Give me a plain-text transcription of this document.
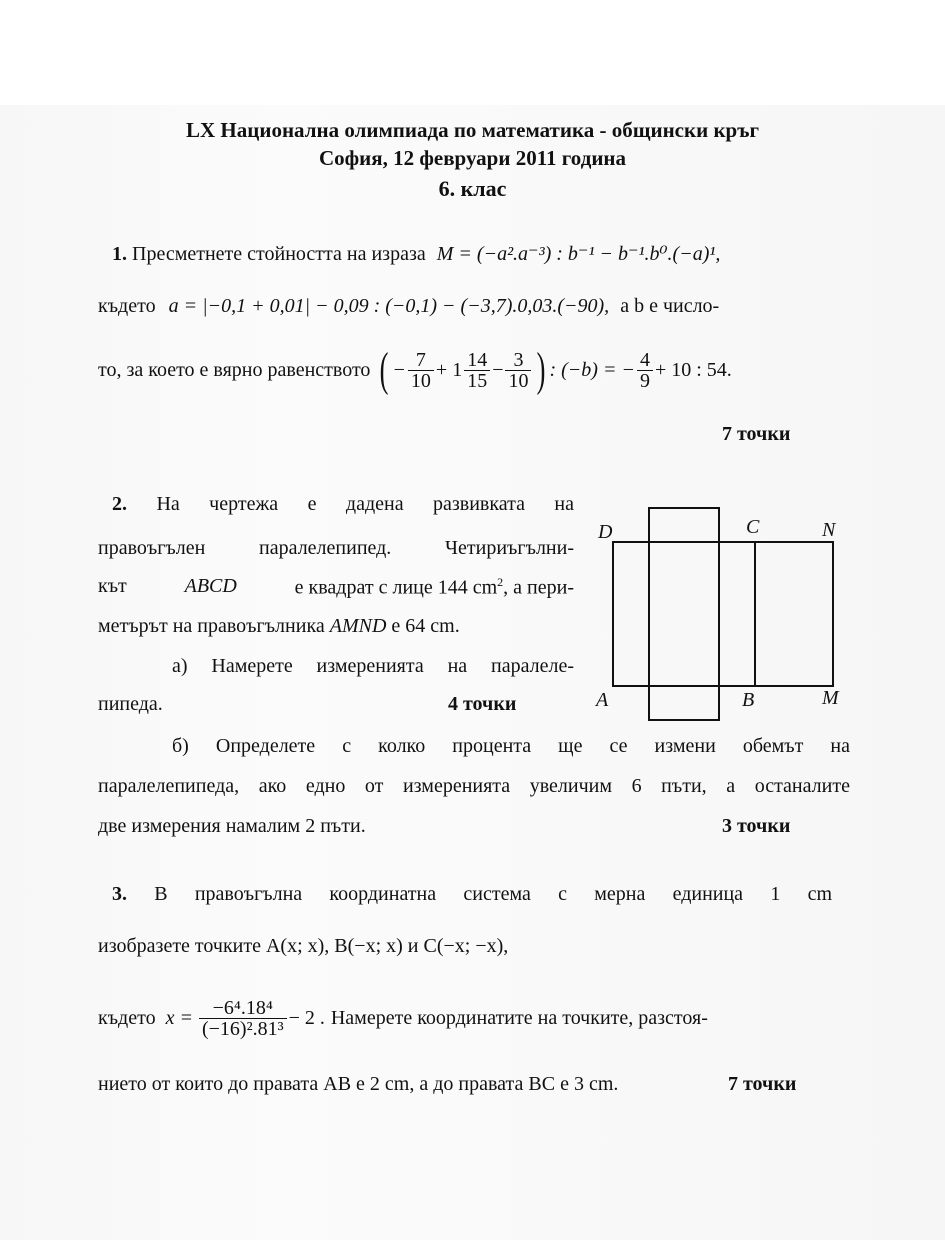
LX Национална олимпиада по математика - общински кръг
София, 12 февруари 2011 година
6. клас
1. Пресметнете стойността на израза M = (−a².a⁻³) : b⁻¹ − b⁻¹.b⁰.(−a)¹,
където a = |−0,1 + 0,01| − 0,09 : (−0,1) − (−3,7).0,03.(−90), а b е число-
то, за което е вярно равенството ( − $\frac{7}{10} + 1 \frac{14}{15} - \frac{3}{10}$ ) : (−b) = − $\frac{4}{9} + 10$ : 54.
7 точки
2. На чертежа е дадена развивката на
правоъгълен паралелепипед. Четириъгълни-
кът	ABCD	е квадрат с лице 144 $cm^2$, а пери-
метърът на правоъгълника AMND е 64 cm.
а) Намерете измеренията на паралеле-
пипеда.	4 точки
б) Определете с колко процента ще се измени обемът на
паралелепипеда, ако едно от измеренията увеличим 6 пъти, а останалите
две измерения намалим 2 пъти.	3 точки
D	C	N
A	B	M
3. В правоъгълна координатна система с мерна единица 1 cm
изобразете точките A(x; x), B(−x; x) и C(−x; −x),
където $x = \frac{\text{−6⁴.18⁴}}{\text{(−16)².81³}} - 2$ . Намерете координатите на точките, разстоя-
нието от които до правата AB е 2 cm, а до правата BC е 3 cm.	7 точки
